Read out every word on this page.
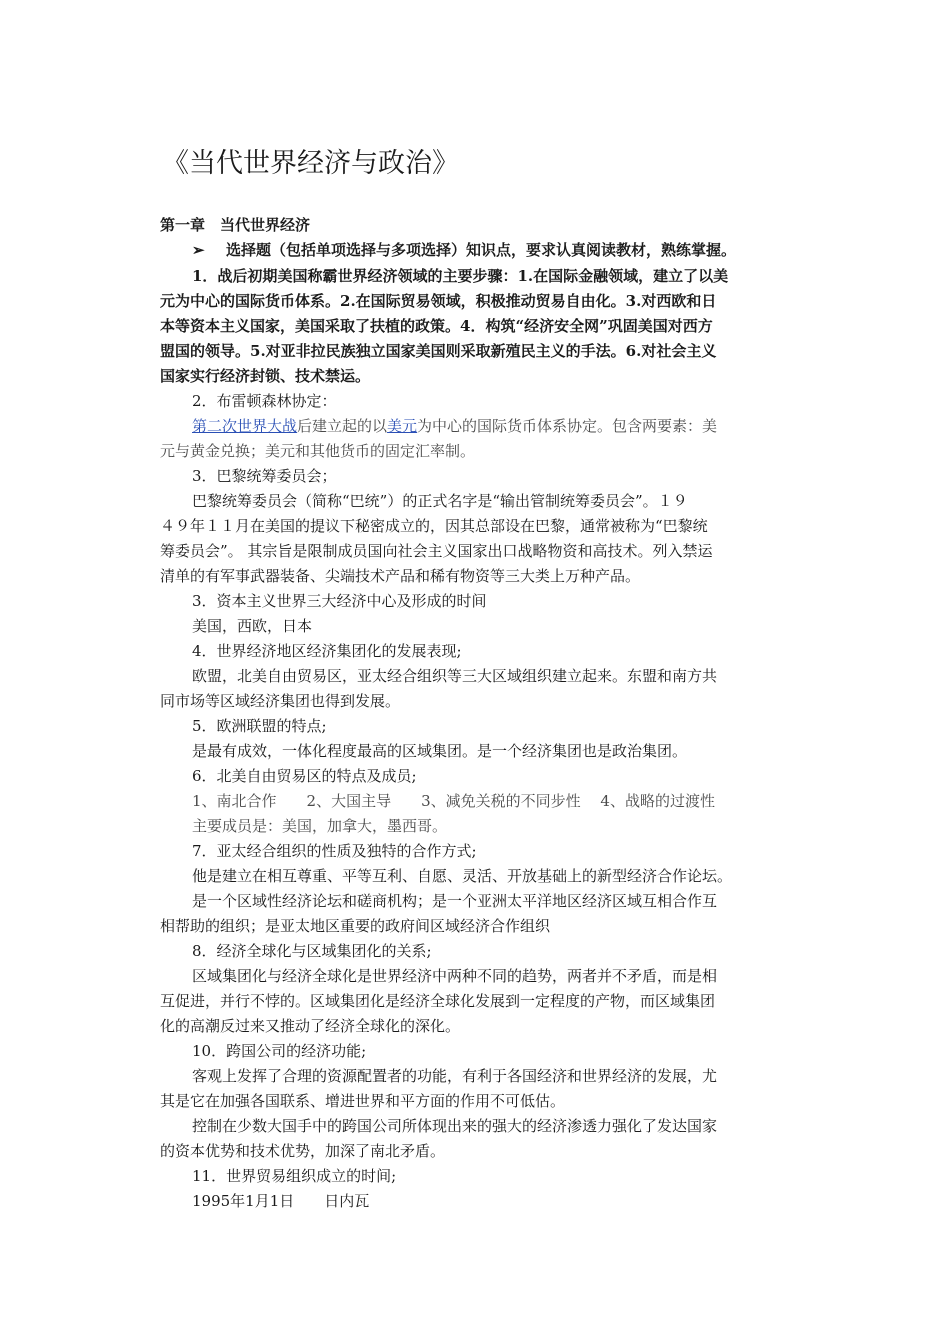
《当代世界经济与政治》
第一章　当代世界经济
➢ 选择题（包括单项选择与多项选择）知识点，要求认真阅读教材，熟练掌握。
1．战后初期美国称霸世界经济领域的主要步骤：1.在国际金融领域，建立了以美
元为中心的国际货币体系。2.在国际贸易领域，积极推动贸易自由化。3.对西欧和日
本等资本主义国家，美国采取了扶植的政策。4．构筑“经济安全网”巩固美国对西方
盟国的领导。5.对亚非拉民族独立国家美国则采取新殖民主义的手法。6.对社会主义
国家实行经济封锁、技术禁运。
2．布雷顿森林协定：
第二次世界大战后建立起的以美元为中心的国际货币体系协定。包含两要素：美
元与黄金兑换；美元和其他货币的固定汇率制。
3．巴黎统筹委员会；
巴黎统筹委员会（简称“巴统”）的正式名字是“输出管制统筹委员会”。１９
４９年１１月在美国的提议下秘密成立的，因其总部设在巴黎，通常被称为“巴黎统
筹委员会”。 其宗旨是限制成员国向社会主义国家出口战略物资和高技术。列入禁运
清单的有军事武器装备、尖端技术产品和稀有物资等三大类上万种产品。
3．资本主义世界三大经济中心及形成的时间
美国，西欧，日本
4．世界经济地区经济集团化的发展表现;
欧盟，北美自由贸易区，亚太经合组织等三大区域组织建立起来。东盟和南方共
同市场等区域经济集团也得到发展。
5．欧洲联盟的特点;
是最有成效，一体化程度最高的区域集团。是一个经济集团也是政治集团。
6．北美自由贸易区的特点及成员;
1、南北合作　　2、大国主导　　3、减免关税的不同步性　 4、战略的过渡性
主要成员是：美国，加拿大，墨西哥。
7．亚太经合组织的性质及独特的合作方式;
他是建立在相互尊重、平等互利、自愿、灵活、开放基础上的新型经济合作论坛。
是一个区域性经济论坛和磋商机构；是一个亚洲太平洋地区经济区域互相合作互
相帮助的组织；是亚太地区重要的政府间区域经济合作组织
8．经济全球化与区域集团化的关系;
区域集团化与经济全球化是世界经济中两种不同的趋势，两者并不矛盾，而是相
互促进，并行不悖的。区域集团化是经济全球化发展到一定程度的产物，而区域集团
化的高潮反过来又推动了经济全球化的深化。
10．跨国公司的经济功能;
客观上发挥了合理的资源配置者的功能，有利于各国经济和世界经济的发展，尤
其是它在加强各国联系、增进世界和平方面的作用不可低估。
控制在少数大国手中的跨国公司所体现出来的强大的经济渗透力强化了发达国家
的资本优势和技术优势，加深了南北矛盾。
11．世界贸易组织成立的时间;
1995年1月1日　　日内瓦
